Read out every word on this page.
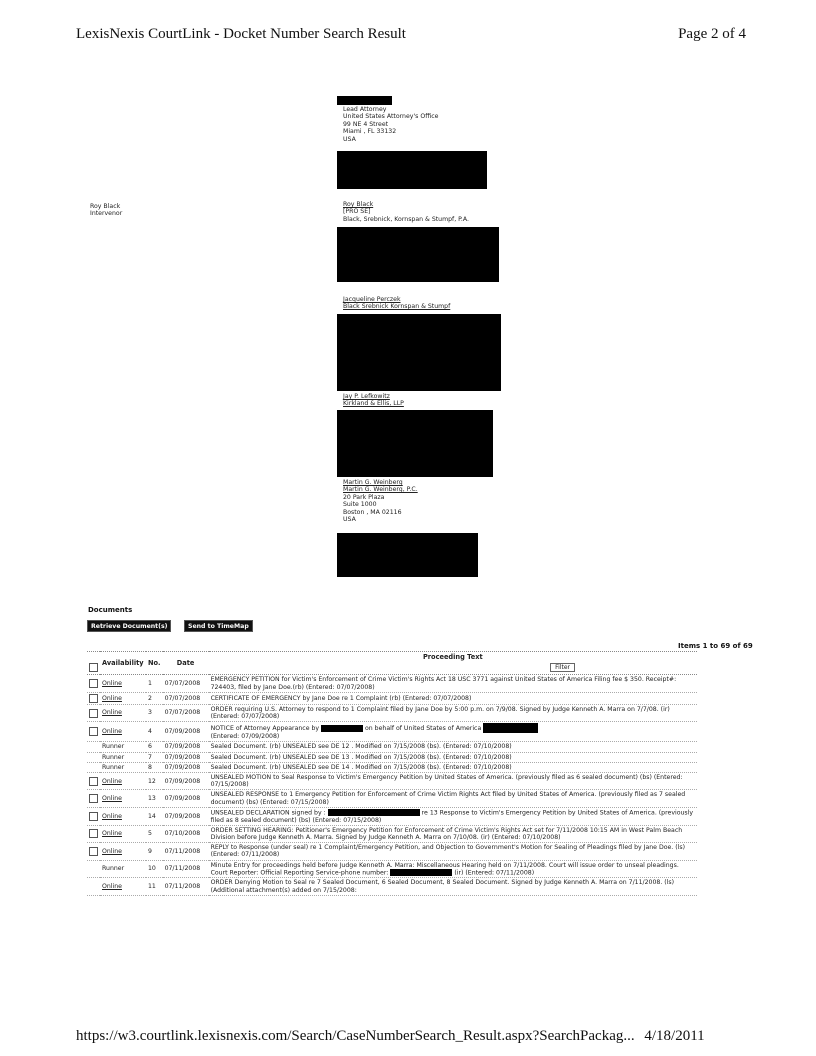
LexisNexis CourtLink - Docket Number Search Result	Page 2 of 4
Lead Attorney
United States Attorney's Office
99 NE 4 Street
Miami , FL 33132
USA
Roy Black
Intervenor
Roy Black
[PRO SE]
Black, Srebnick, Kornspan & Stumpf, P.A.
Jacqueline Perczek
Black Srebnick Kornspan & Stumpf
Jay P. Lefkowitz
Kirkland & Ellis, LLP
Martin G. Weinberg
Martin G. Weinberg, P.C.
20 Park Plaza
Suite 1000
Boston , MA 02116
USA
Documents
Retrieve Document(s)	Send to TimeMap
Items 1 to 69 of 69
	Availability	No.	Date	Proceeding Text
Filter

	Online	1	07/07/2008	EMERGENCY PETITION for Victim's Enforcement of Crime Victim's Rights Act 18 USC 3771 against United States of America Filing fee $ 350. Receipt#: 724403, filed by Jane Doe.(rb) (Entered: 07/07/2008)
	Online	2	07/07/2008	CERTIFICATE OF EMERGENCY by Jane Doe re 1 Complaint (rb) (Entered: 07/07/2008)
	Online	3	07/07/2008	ORDER requiring U.S. Attorney to respond to 1 Complaint filed by Jane Doe by 5:00 p.m. on 7/9/08. Signed by Judge Kenneth A. Marra on 7/7/08. (ir) (Entered: 07/07/2008)
	Online	4	07/09/2008	NOTICE of Attorney Appearance by on behalf of United States of America
(Entered: 07/09/2008)
	Runner	6	07/09/2008	Sealed Document. (rb) UNSEALED see DE 12 . Modified on 7/15/2008 (bs). (Entered: 07/10/2008)
	Runner	7	07/09/2008	Sealed Document. (rb) UNSEALED see DE 13 . Modified on 7/15/2008 (bs). (Entered: 07/10/2008)
	Runner	8	07/09/2008	Sealed Document. (rb) UNSEALED see DE 14 . Modified on 7/15/2008 (bs). (Entered: 07/10/2008)
	Online	12	07/09/2008	UNSEALED MOTION to Seal Response to Victim's Emergency Petition by United States of America. (previously filed as 6 sealed document) (bs) (Entered: 07/15/2008)
	Online	13	07/09/2008	UNSEALED RESPONSE to 1 Emergency Petition for Enforcement of Crime Victim Rights Act filed by United States of America. (previously filed as 7 sealed document) (bs) (Entered: 07/15/2008)
	Online	14	07/09/2008	UNSEALED DECLARATION signed by : re 13 Response to Victim's Emergency Petition by United States of America. (previously filed as 8 sealed document) (bs) (Entered: 07/15/2008)
	Online	5	07/10/2008	ORDER SETTING HEARING: Petitioner's Emergency Petition for Enforcement of Crime Victim's Rights Act set for 7/11/2008 10:15 AM in West Palm Beach Division before Judge Kenneth A. Marra. Signed by Judge Kenneth A. Marra on 7/10/08. (ir) (Entered: 07/10/2008)
	Online	9	07/11/2008	REPLY to Response (under seal) re 1 Complaint/Emergency Petition, and Objection to Government's Motion for Sealing of Pleadings filed by Jane Doe. (ls) (Entered: 07/11/2008)
	Runner	10	07/11/2008	Minute Entry for proceedings held before Judge Kenneth A. Marra: Miscellaneous Hearing held on 7/11/2008. Court will issue order to unseal pleadings. Court Reporter: Official Reporting Service-phone number: (ir) (Entered: 07/11/2008)
	Online	11	07/11/2008	ORDER Denying Motion to Seal re 7 Sealed Document, 6 Sealed Document, 8 Sealed Document. Signed by Judge Kenneth A. Marra on 7/11/2008. (ls) (Additional attachment(s) added on 7/15/2008:
https://w3.courtlink.lexisnexis.com/Search/CaseNumberSearch_Result.aspx?SearchPackag... 4/18/2011
